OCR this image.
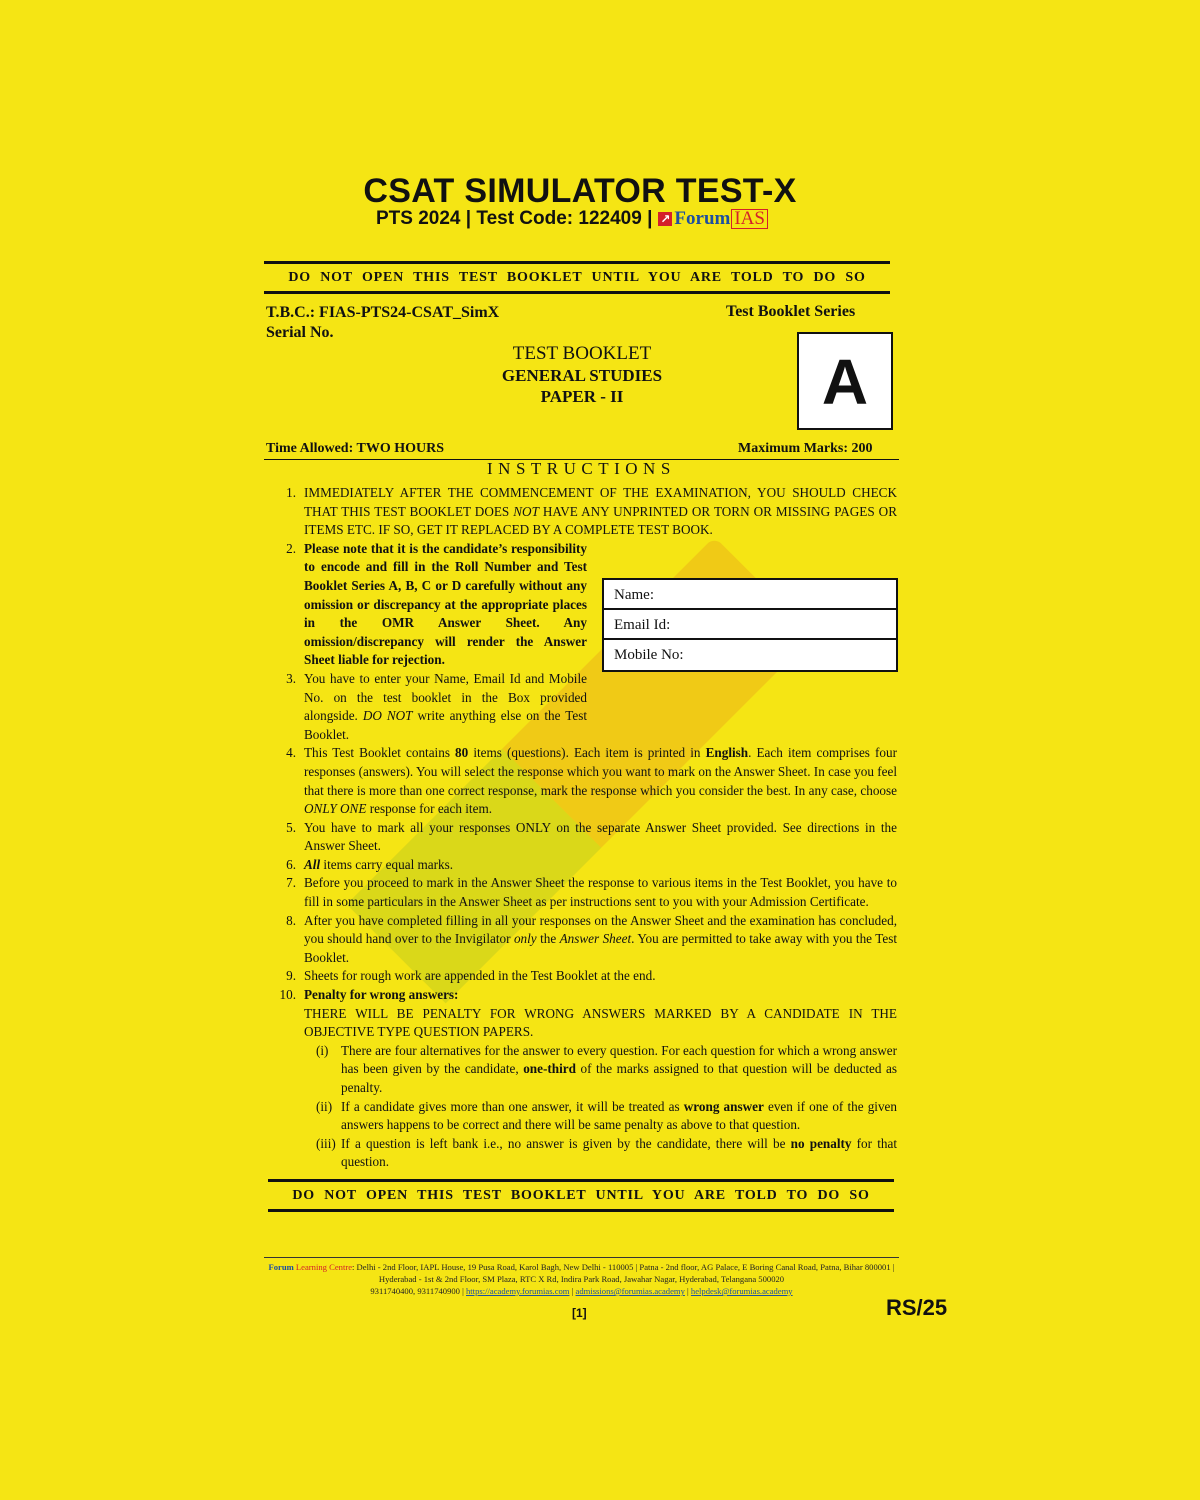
CSAT SIMULATOR TEST-X
PTS 2024 | Test Code: 122409 | ↗ Forum IAS
DO NOT OPEN THIS TEST BOOKLET UNTIL YOU ARE TOLD TO DO SO
T.B.C.: FIAS-PTS24-CSAT_SimX
Serial No.
Test Booklet Series
A
TEST BOOKLET
GENERAL STUDIES
PAPER - II
Time Allowed: TWO HOURS	Maximum Marks: 200
INSTRUCTIONS
Name:
Email Id:
Mobile No:
1. IMMEDIATELY AFTER THE COMMENCEMENT OF THE EXAMINATION, YOU SHOULD CHECK THAT THIS TEST BOOKLET DOES NOT HAVE ANY UNPRINTED OR TORN OR MISSING PAGES OR ITEMS ETC. IF SO, GET IT REPLACED BY A COMPLETE TEST BOOK.
2. Please note that it is the candidate’s responsibility to encode and fill in the Roll Number and Test Booklet Series A, B, C or D carefully without any omission or discrepancy at the appropriate places in the OMR Answer Sheet. Any omission/discrepancy will render the Answer Sheet liable for rejection.
3. You have to enter your Name, Email Id and Mobile No. on the test booklet in the Box provided alongside. DO NOT write anything else on the Test Booklet.
4. This Test Booklet contains 80 items (questions). Each item is printed in English. Each item comprises four responses (answers). You will select the response which you want to mark on the Answer Sheet. In case you feel that there is more than one correct response, mark the response which you consider the best. In any case, choose ONLY ONE response for each item.
5. You have to mark all your responses ONLY on the separate Answer Sheet provided. See directions in the Answer Sheet.
6. All items carry equal marks.
7. Before you proceed to mark in the Answer Sheet the response to various items in the Test Booklet, you have to fill in some particulars in the Answer Sheet as per instructions sent to you with your Admission Certificate.
8. After you have completed filling in all your responses on the Answer Sheet and the examination has concluded, you should hand over to the Invigilator only the Answer Sheet. You are permitted to take away with you the Test Booklet.
9. Sheets for rough work are appended in the Test Booklet at the end.
10. Penalty for wrong answers:
THERE WILL BE PENALTY FOR WRONG ANSWERS MARKED BY A CANDIDATE IN THE OBJECTIVE TYPE QUESTION PAPERS.
(i) There are four alternatives for the answer to every question. For each question for which a wrong answer has been given by the candidate, one-third of the marks assigned to that question will be deducted as penalty.
(ii) If a candidate gives more than one answer, it will be treated as wrong answer even if one of the given answers happens to be correct and there will be same penalty as above to that question.
(iii) If a question is left bank i.e., no answer is given by the candidate, there will be no penalty for that question.
DO NOT OPEN THIS TEST BOOKLET UNTIL YOU ARE TOLD TO DO SO
Forum Learning Centre: Delhi - 2nd Floor, IAPL House, 19 Pusa Road, Karol Bagh, New Delhi - 110005 | Patna - 2nd floor, AG Palace, E Boring Canal Road, Patna, Bihar 800001 | Hyderabad - 1st & 2nd Floor, SM Plaza, RTC X Rd, Indira Park Road, Jawahar Nagar, Hyderabad, Telangana 500020
9311740400, 9311740900 | https://academy.forumias.com | admissions@forumias.academy | helpdesk@forumias.academy
[1]	RS/25
